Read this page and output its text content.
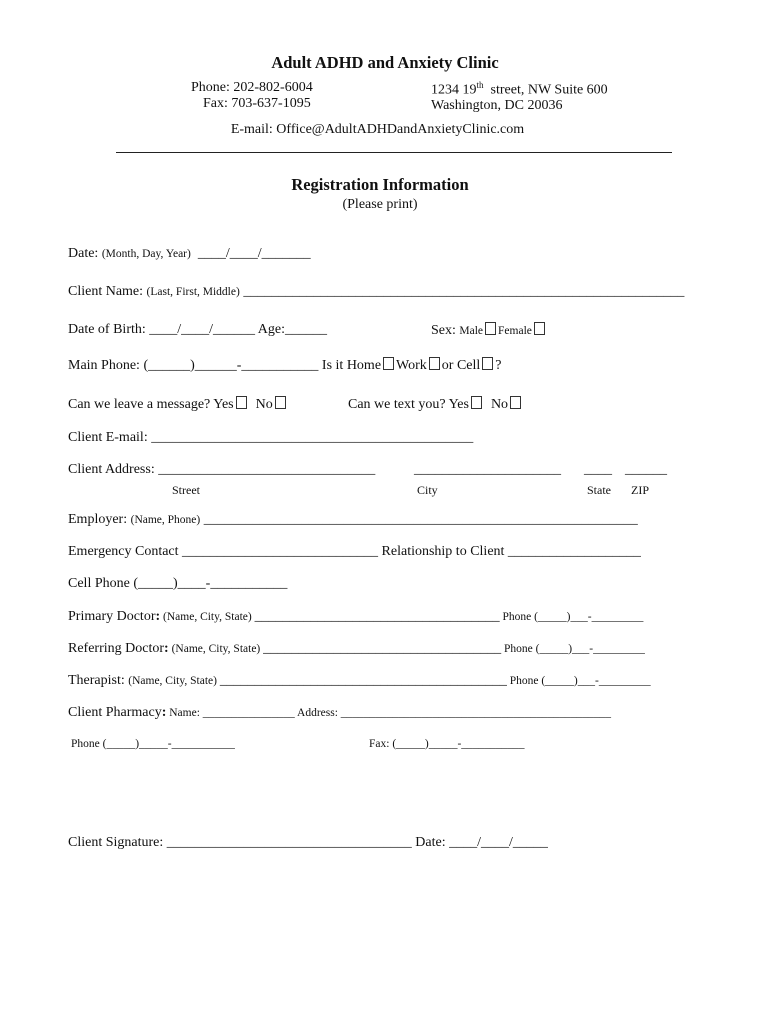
Adult ADHD and Anxiety Clinic
Phone: 202-802-6004
Fax: 703-637-1095
1234 19th  street, NW Suite 600
Washington, DC 20036
E-mail: Office@AdultADHDandAnxietyClinic.com
Registration Information
(Please print)
Date: (Month, Day, Year)  ____/____/_______
Client Name: (Last, First, Middle) _______________________________________________________________
Date of Birth: ____/____/______ Age:______	Sex: Male Female
Main Phone: (______)______-___________ Is it Home Work or Cell ?
Can we leave a message? Yes No	Can we text you? Yes No
Client E-mail: ______________________________________________
Client Address: _______________________________	_____________________ ____ ______
Street	City	State ZIP
Employer: (Name, Phone) ______________________________________________________________
Emergency Contact ____________________________ Relationship to Client ___________________
Cell Phone (_____)____-___________
Primary Doctor: (Name, City, State) ___________________________________ Phone (_____)___-_________
Referring Doctor: (Name, City, State) __________________________________ Phone (_____)___-_________
Therapist: (Name, City, State) _________________________________________ Phone (_____)___-_________
Client Pharmacy: Name: ________________ Address: _______________________________________________
Phone (_____)_____-___________	Fax: (_____)_____-___________
Client Signature: ___________________________________ Date: ____/____/_____
